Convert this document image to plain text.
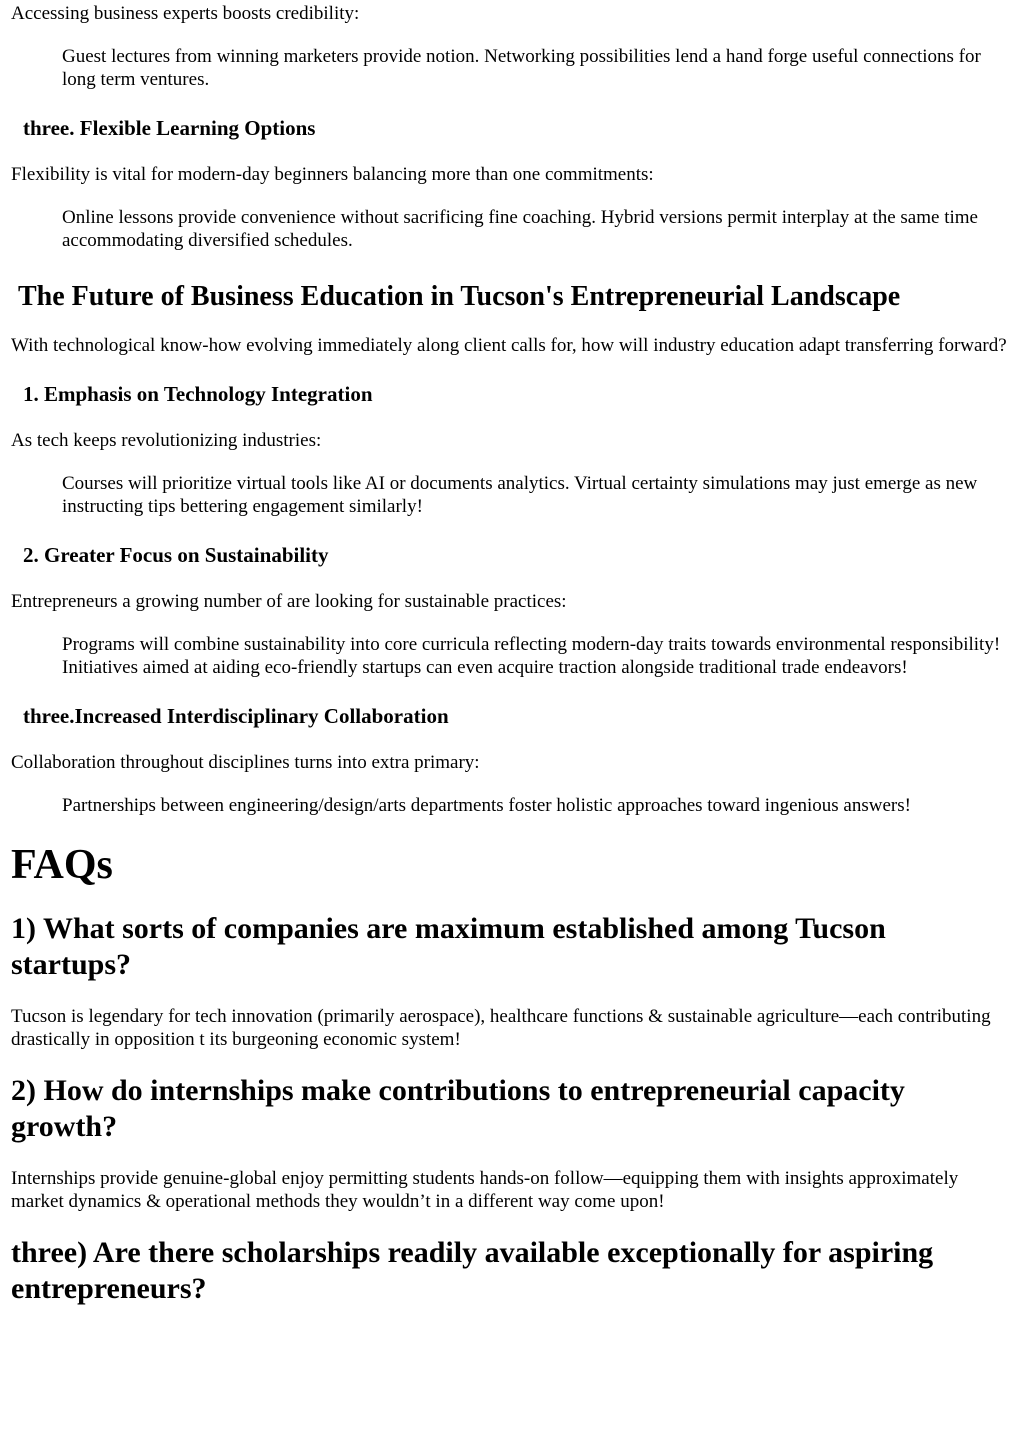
Accessing business experts boosts credibility:

Guest lectures from winning marketers provide notion. Networking possibilities lend a hand forge useful connections for long term ventures.
three. Flexible Learning Options

Flexibility is vital for modern-day beginners balancing more than one commitments:

Online lessons provide convenience without sacrificing fine coaching. Hybrid versions permit interplay at the same time accommodating diversified schedules.
The Future of Business Education in Tucson's Entrepreneurial Landscape

With technological know-how evolving immediately along client calls for, how will industry education adapt transferring forward?

1. Emphasis on Technology Integration

As tech keeps revolutionizing industries:

Courses will prioritize virtual tools like AI or documents analytics. Virtual certainty simulations may just emerge as new instructing tips bettering engagement similarly!
2. Greater Focus on Sustainability

Entrepreneurs a growing number of are looking for sustainable practices:

Programs will combine sustainability into core curricula reflecting modern-day traits towards environmental responsibility! Initiatives aimed at aiding eco-friendly startups can even acquire traction alongside traditional trade endeavors!
three.Increased Interdisciplinary Collaboration

Collaboration throughout disciplines turns into extra primary:

Partnerships between engineering/design/arts departments foster holistic approaches toward ingenious answers!
FAQs
1) What sorts of companies are maximum established among Tucson startups?

Tucson is legendary for tech innovation (primarily aerospace), healthcare functions & sustainable agriculture—each contributing drastically in opposition t its burgeoning economic system!

2) How do internships make contributions to entrepreneurial capacity growth?

Internships provide genuine-global enjoy permitting students hands-on follow—equipping them with insights approximately market dynamics & operational methods they wouldn’t in a different way come upon!

three) Are there scholarships readily available exceptionally for aspiring entrepreneurs?
